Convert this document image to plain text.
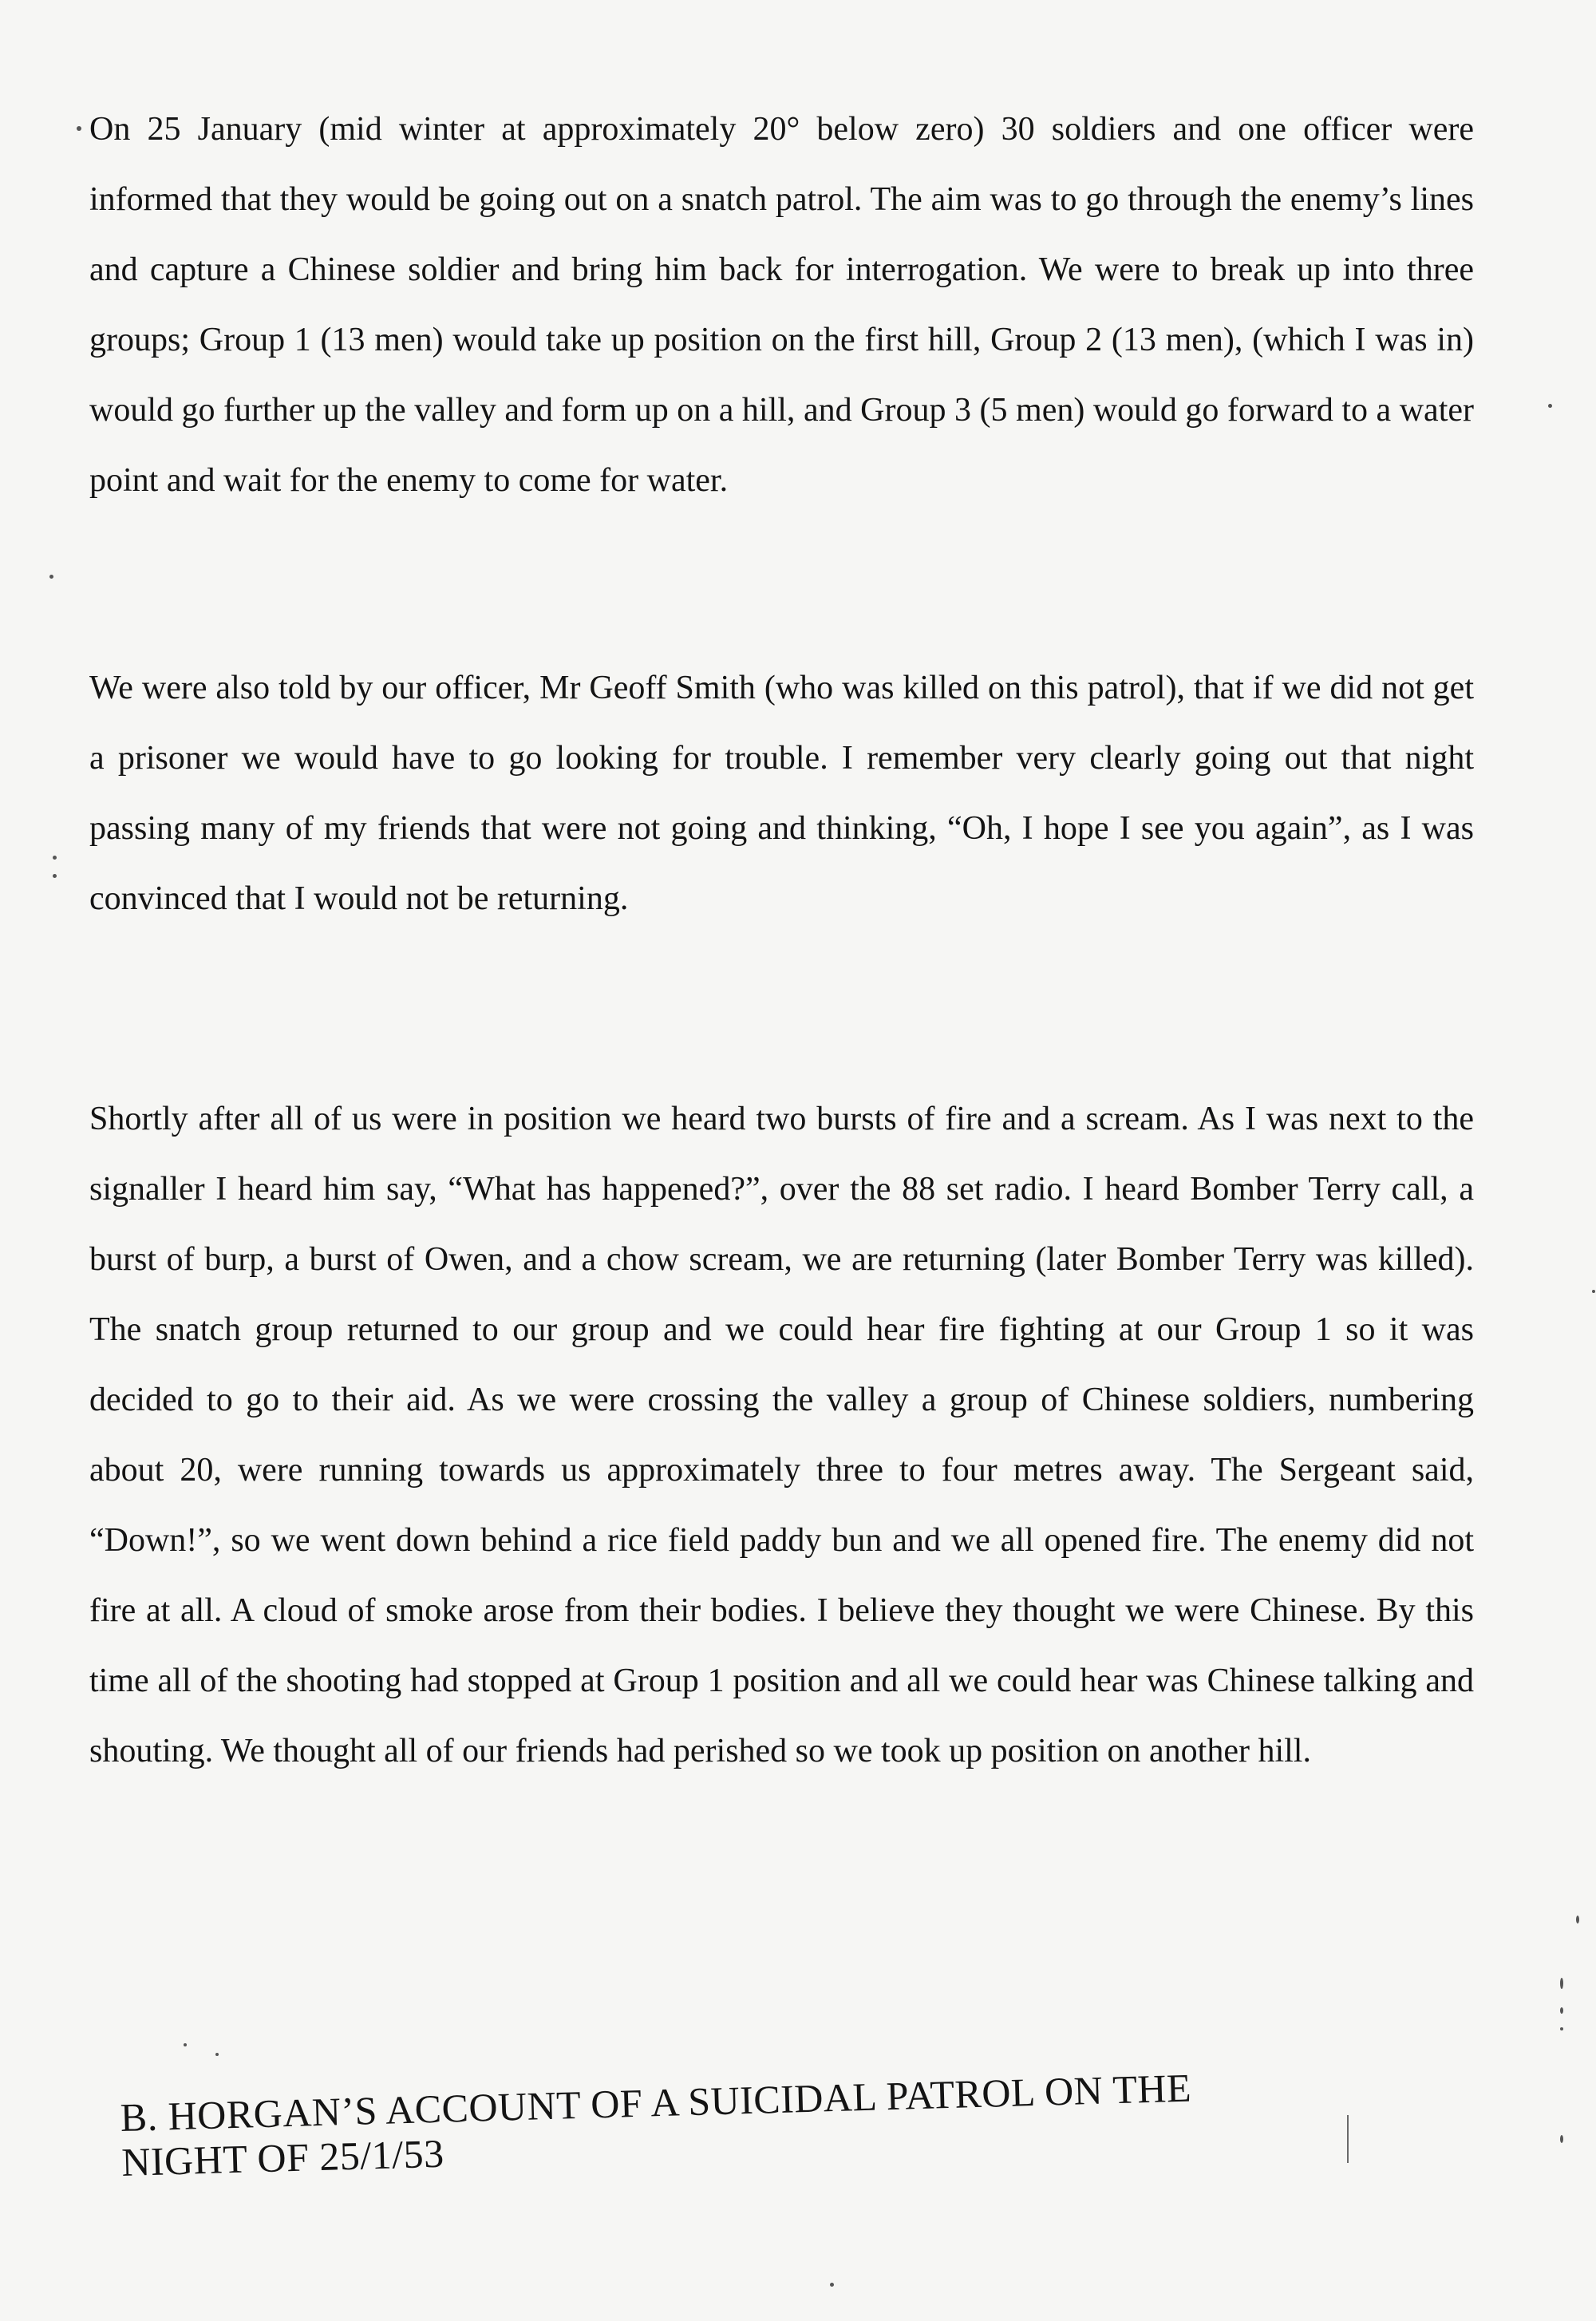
On 25 January (mid winter at approximately 20° below zero) 30 soldiers and one officer were informed that they would be going out on a snatch patrol. The aim was to go through the enemy’s lines and capture a Chinese soldier and bring him back for interrogation. We were to break up into three groups; Group 1 (13 men) would take up position on the first hill, Group 2 (13 men), (which I was in) would go further up the valley and form up on a hill, and Group 3 (5 men) would go forward to a water point and wait for the enemy to come for water.

We were also told by our officer, Mr Geoff Smith (who was killed on this patrol), that if we did not get a prisoner we would have to go looking for trouble. I remember very clearly going out that night passing many of my friends that were not going and thinking, “Oh, I hope I see you again”, as I was convinced that I would not be returning.

Shortly after all of us were in position we heard two bursts of fire and a scream. As I was next to the signaller I heard him say, “What has happened?”, over the 88 set radio. I heard Bomber Terry call, a burst of burp, a burst of Owen, and a chow scream, we are returning (later Bomber Terry was killed). The snatch group returned to our group and we could hear fire fighting at our Group 1 so it was decided to go to their aid. As we were crossing the valley a group of Chinese soldiers, numbering about 20, were running towards us approximately three to four metres away. The Sergeant said, “Down!”, so we went down behind a rice field paddy bun and we all opened fire. The enemy did not fire at all. A cloud of smoke arose from their bodies. I believe they thought we were Chinese. By this time all of the shooting had stopped at Group 1 position and all we could hear was Chinese talking and shouting. We thought all of our friends had perished so we took up position on another hill.

B. HORGAN’S ACCOUNT OF A SUICIDAL PATROL ON THE
NIGHT OF 25/1/53
